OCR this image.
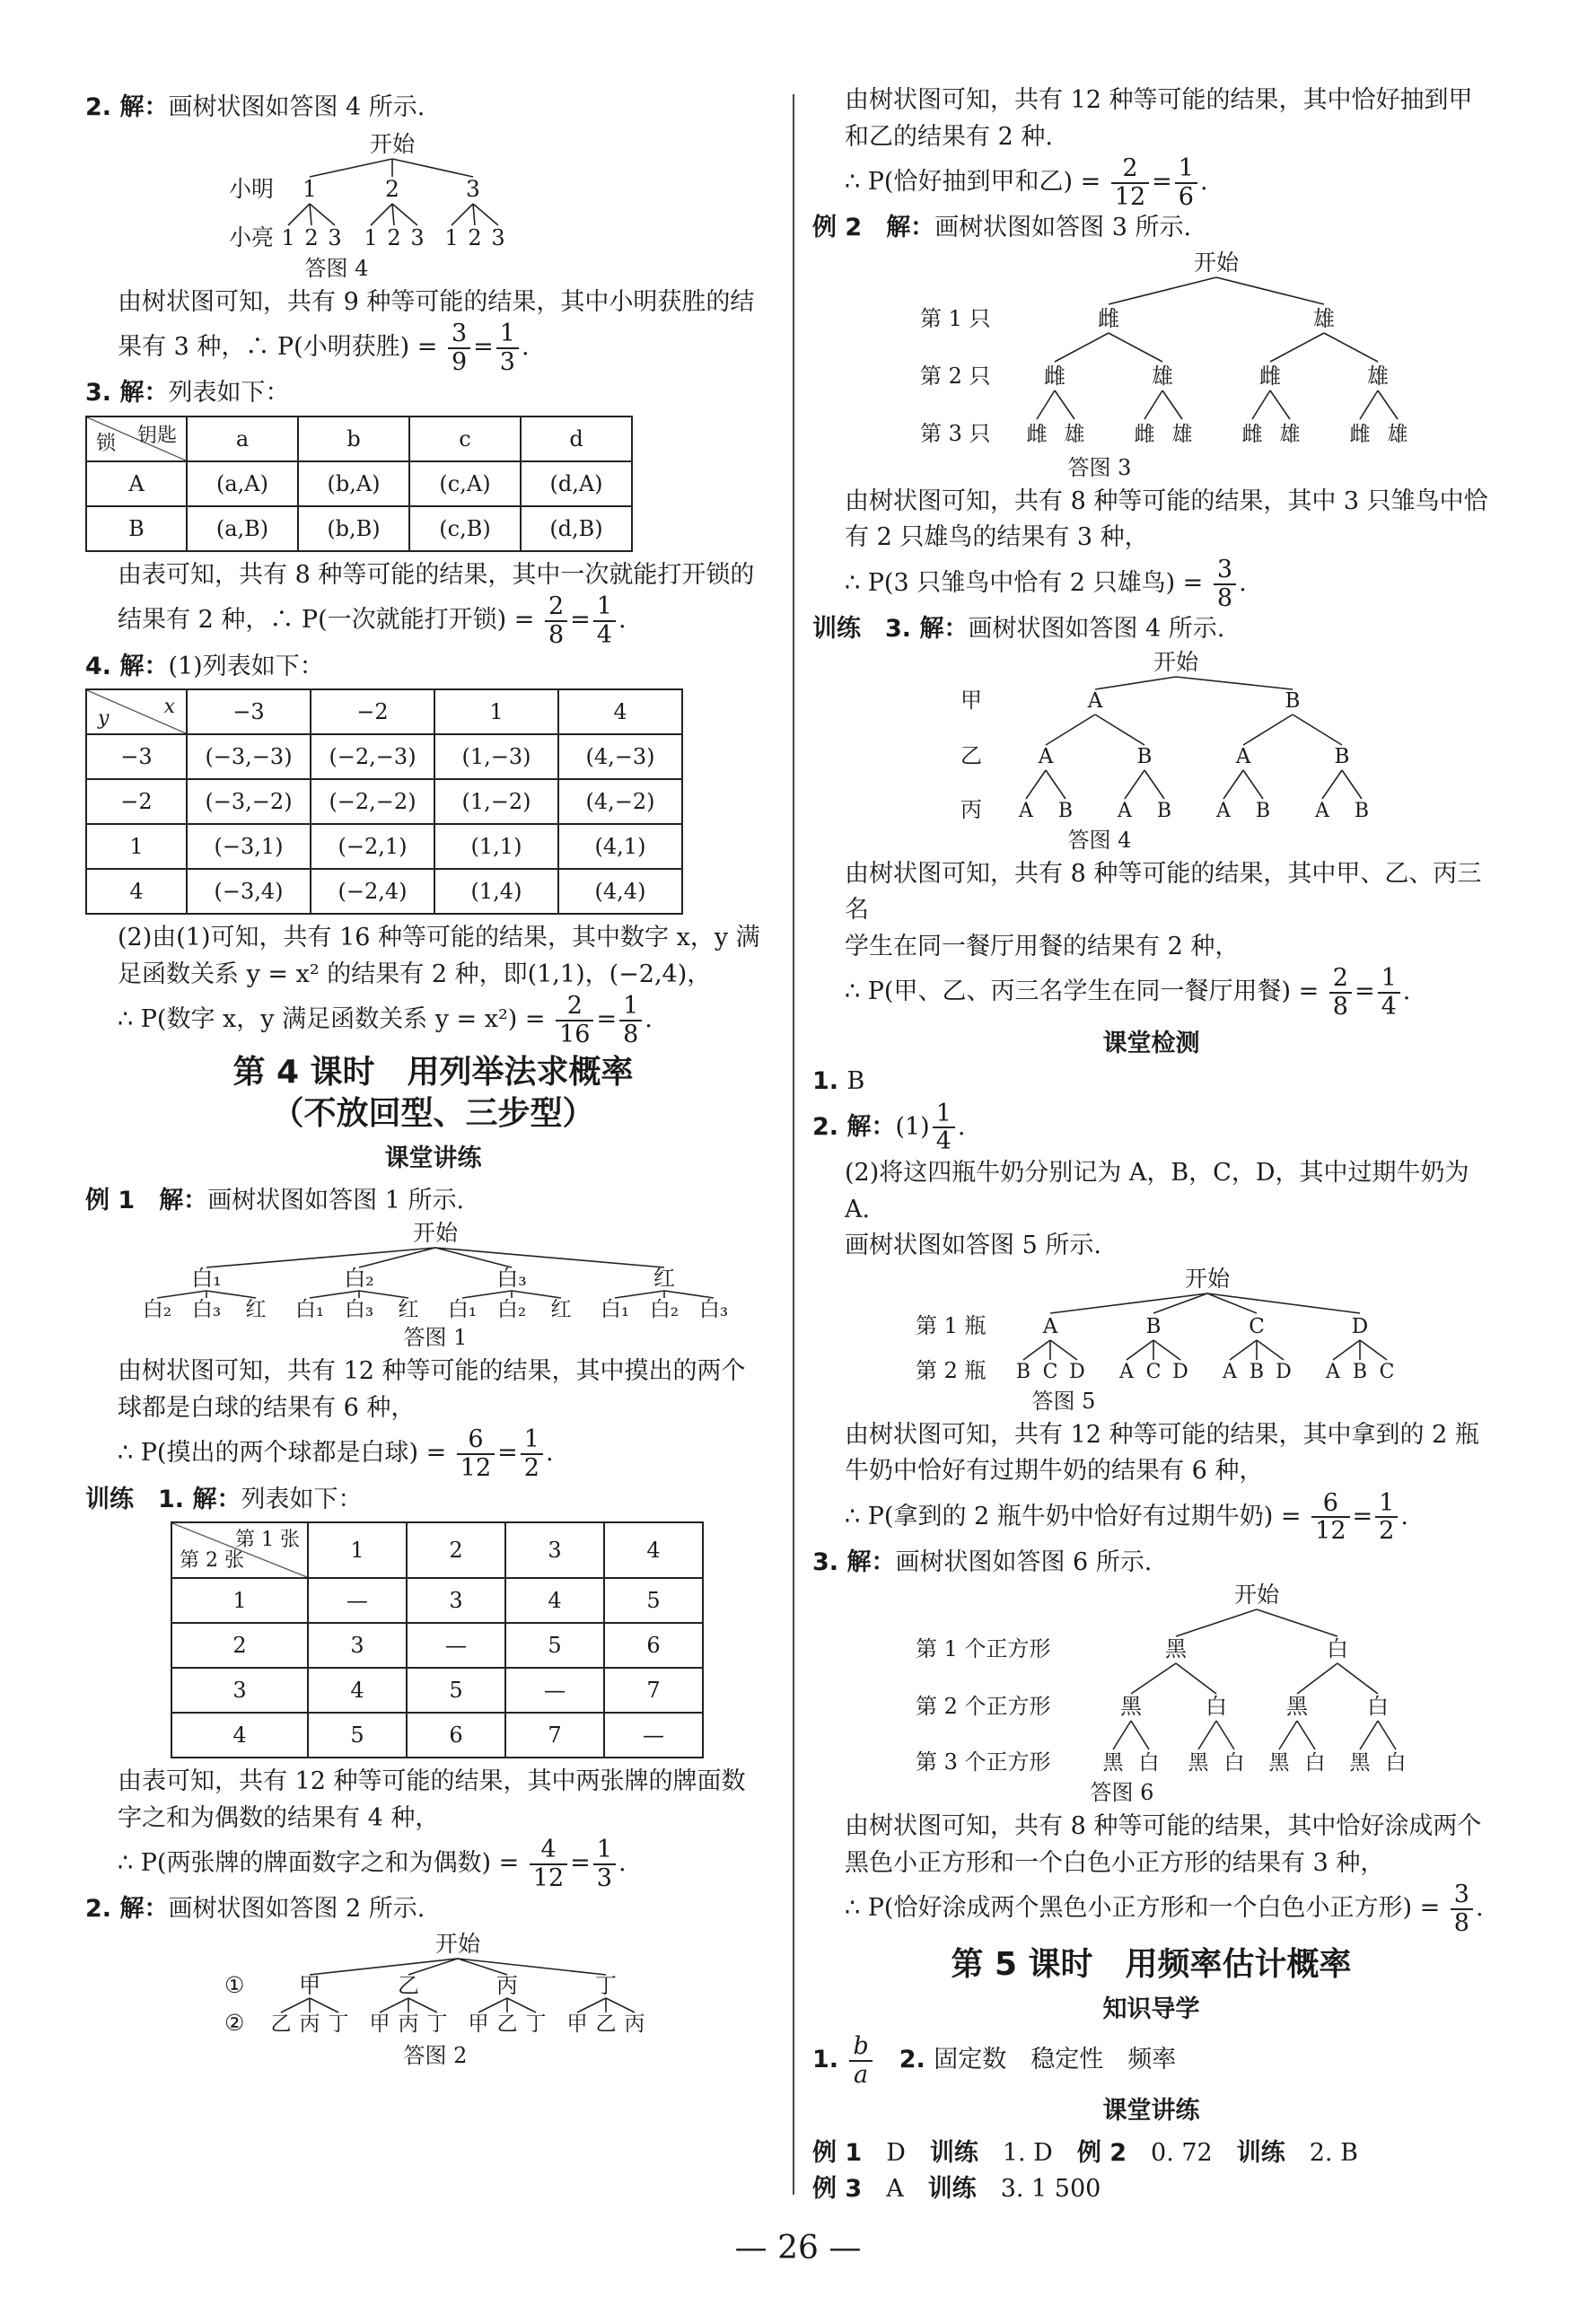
2. 解：画树状图如答图 4 所示.

开始
小明
小亮
1	2	3
1 2 3 1 2 3 1 2 3

答图 4

由树状图可知，共有 9 种等可能的结果，其中小明获胜的结

果有 3 种，∴ P(小明获胜) = $\frac{3}{9} = \frac{1}{3}$ .

3. 解：列表如下：

钥匙
锁	a	b	c	d
A	(a,A)	(b,A)	(c,A)	(d,A)
B	(a,B)	(b,B)	(c,B)	(d,B)

由表可知，共有 8 种等可能的结果，其中一次就能打开锁的

结果有 2 种，∴ P(一次就能打开锁) = $\frac{2}{8} = \frac{1}{4}$ .

4. 解：(1)列表如下：

x
y	−3	−2	1	4
−3	(−3,−3)	(−2,−3)	(1,−3)	(4,−3)
−2	(−3,−2)	(−2,−2)	(1,−2)	(4,−2)
1	(−3,1)	(−2,1)	(1,1)	(4,1)
4	(−3,4)	(−2,4)	(1,4)	(4,4)

(2)由(1)可知，共有 16 种等可能的结果，其中数字 x，y 满

足函数关系 y = x² 的结果有 2 种，即(1,1)，(−2,4)，

∴ P(数字 x，y 满足函数关系 $y = x^2) = \frac{2}{16} = \frac{1}{8}$ .

第 4 课时　用列举法求概率

（不放回型、三步型）

课堂讲练

例 1　 解：画树状图如答图 1 所示.

开始
白₁	白₂	白₃	红
白₂ 白₃ 红 白₁ 白₃ 红 白₁ 白₂ 红 白₁ 白₂ 白₃

答图 1

由树状图可知，共有 12 种等可能的结果，其中摸出的两个

球都是白球的结果有 6 种，

∴ P(摸出的两个球都是白球) = $\frac{6}{12} = \frac{1}{2}$ .

训练　 1. 解：列表如下：

第 1 张
第 2 张	1	2	3	4
1	—	3	4	5
2	3	—	5	6
3	4	5	—	7
4	5	6	7	—

由表可知，共有 12 种等可能的结果，其中两张牌的牌面数

字之和为偶数的结果有 4 种，

∴ P(两张牌的牌面数字之和为偶数) = $\frac{4}{12} = \frac{1}{3}$ .

2. 解：画树状图如答图 2 所示.

开始
①
②
甲	乙	丙	丁
乙 丙 丁 甲 丙 丁 甲 乙 丁 甲 乙 丙

答图 2

由树状图可知，共有 12 种等可能的结果，其中恰好抽到甲

和乙的结果有 2 种.

∴ P(恰好抽到甲和乙) = $\frac{2}{12} = \frac{1}{6}$ .

例 2　 解：画树状图如答图 3 所示.

开始
第 1 只
第 2 只
第 3 只
雌	雄
雌	雄	雌	雄
雌 雄 雌 雄 雌 雄 雌 雄

答图 3

由树状图可知，共有 8 种等可能的结果，其中 3 只雏鸟中恰

有 2 只雄鸟的结果有 3 种，

∴ P(3 只雏鸟中恰有 2 只雄鸟) = $\frac{3}{8}$ .

训练　 3. 解：画树状图如答图 4 所示.

开始
甲
乙
丙
A	B
A	B	A	B
A B A B A B A B

答图 4

由树状图可知，共有 8 种等可能的结果，其中甲、乙、丙三名

学生在同一餐厅用餐的结果有 2 种，

∴ P(甲、乙、丙三名学生在同一餐厅用餐) = $\frac{2}{8} = \frac{1}{4}$ .

课堂检测

1. B

2. 解：$(1) \frac{1}{4}$ .

(2)将这四瓶牛奶分别记为 A，B，C，D，其中过期牛奶为 A.

画树状图如答图 5 所示.

开始
第 1 瓶
第 2 瓶
A	B	C	D
B C D A C D A B D A B C

答图 5

由树状图可知，共有 12 种等可能的结果，其中拿到的 2 瓶

牛奶中恰好有过期牛奶的结果有 6 种，

∴ P(拿到的 2 瓶牛奶中恰好有过期牛奶) = $\frac{6}{12} = \frac{1}{2}$ .

3. 解：画树状图如答图 6 所示.

开始
第 1 个正方形
第 2 个正方形
第 3 个正方形
黑	白
黑	白	黑	白
黑 白 黑 白 黑 白 黑 白

答图 6

由树状图可知，共有 8 种等可能的结果，其中恰好涂成两个

黑色小正方形和一个白色小正方形的结果有 3 种，

∴ P(恰好涂成两个黑色小正方形和一个白色小正方形) = $\frac{3}{8}$ .

第 5 课时　用频率估计概率

知识导学

1. $\frac{b}{a}$
　 2. 固定数　稳定性　频率

课堂讲练

例 1　 D　 训练　 1. D　 例 2　 0. 72　 训练　 2. B

例 3　 A　 训练　 3. 1 500

— 26 —
